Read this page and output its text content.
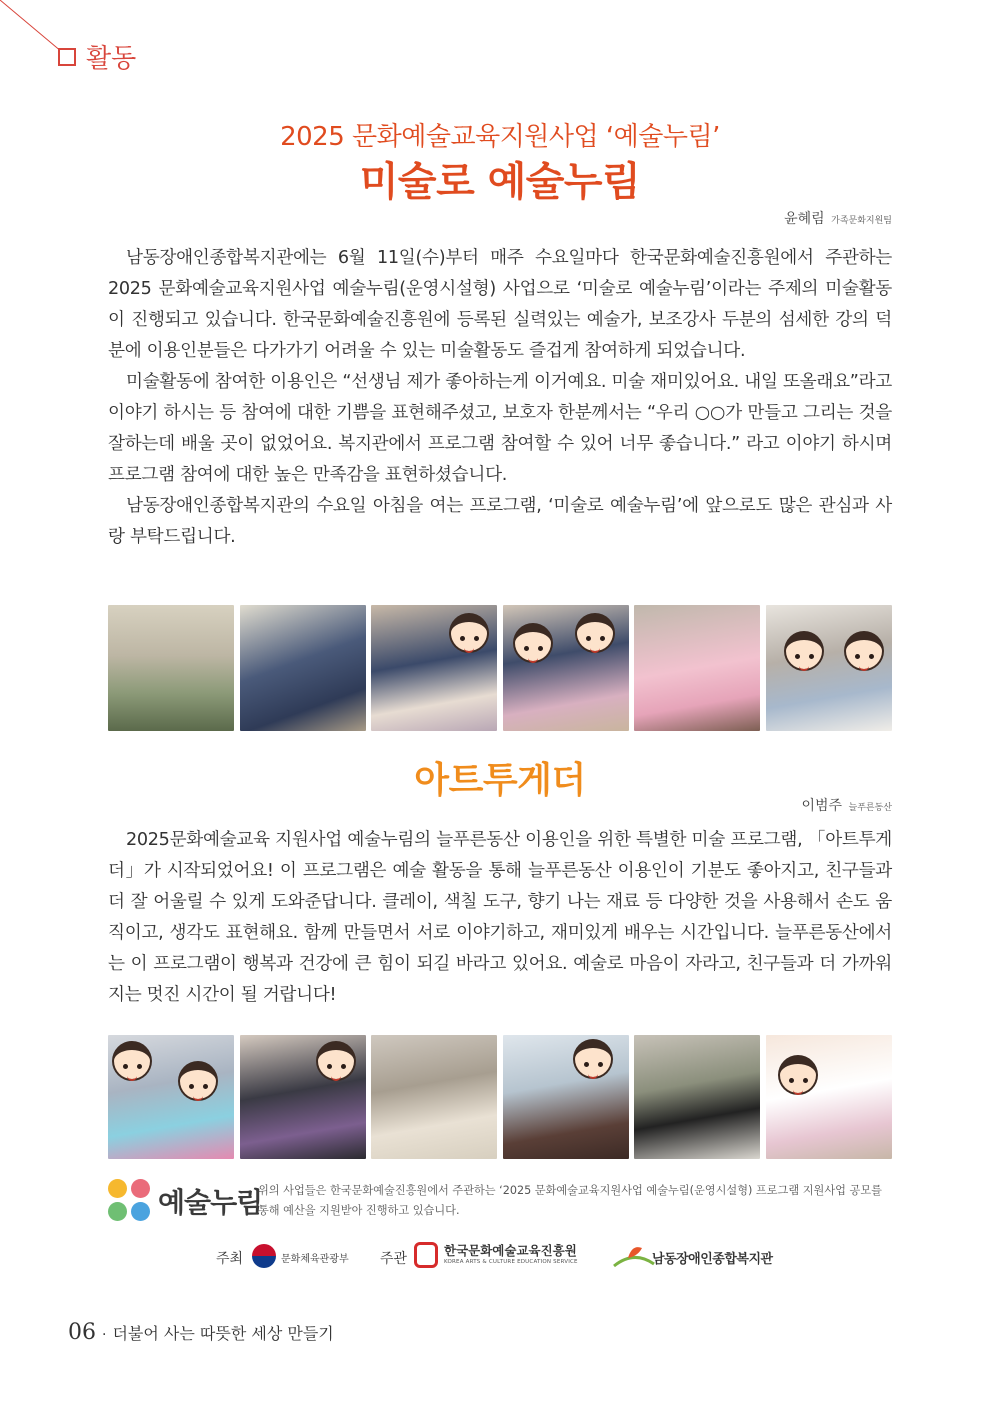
활동
2025 문화예술교육지원사업 ‘예술누림’
미술로 예술누림
윤혜림 가족문화지원팀

남동장애인종합복지관에는 6월 11일(수)부터 매주 수요일마다 한국문화예술진흥원에서 주관하는 2025 문화예술교육지원사업 예술누림(운영시설형) 사업으로 ‘미술로 예술누림’이라는 주제의 미술활동이 진행되고 있습니다. 한국문화예술진흥원에 등록된 실력있는 예술가, 보조강사 두분의 섬세한 강의 덕분에 이용인분들은 다가가기 어려울 수 있는 미술활동도 즐겁게 참여하게 되었습니다.

미술활동에 참여한 이용인은 “선생님 제가 좋아하는게 이거예요. 미술 재미있어요. 내일 또올래요”라고 이야기 하시는 등 참여에 대한 기쁨을 표현해주셨고, 보호자 한분께서는 “우리 ○○가 만들고 그리는 것을 잘하는데 배울 곳이 없었어요. 복지관에서 프로그램 참여할 수 있어 너무 좋습니다.” 라고 이야기 하시며 프로그램 참여에 대한 높은 만족감을 표현하셨습니다.

남동장애인종합복지관의 수요일 아침을 여는 프로그램, ‘미술로 예술누림’에 앞으로도 많은 관심과 사랑 부탁드립니다.

아트투게더
이범주 늘푸른동산

2025문화예술교육 지원사업 예술누림의 늘푸른동산 이용인을 위한 특별한 미술 프로그램, 「아트투게더」가 시작되었어요! 이 프로그램은 예술 활동을 통해 늘푸른동산 이용인이 기분도 좋아지고, 친구들과 더 잘 어울릴 수 있게 도와준답니다. 클레이, 색칠 도구, 향기 나는 재료 등 다양한 것을 사용해서 손도 움직이고, 생각도 표현해요. 함께 만들면서 서로 이야기하고, 재미있게 배우는 시간입니다. 늘푸른동산에서는 이 프로그램이 행복과 건강에 큰 힘이 되길 바라고 있어요. 예술로 마음이 자라고, 친구들과 더 가까워지는 멋진 시간이 될 거랍니다!

예술누림
위의 사업들은 한국문화예술진흥원에서 주관하는 ‘2025 문화예술교육지원사업 예술누림(운영시설형) 프로그램 지원사업 공모를 통해 예산을 지원받아 진행하고 있습니다.
주최	문화체육관광부 주관
한국문화예술교육진흥원
KOREA ARTS & CULTURE EDUCATION SERVICE	남동장애인종합복지관
06 · 더불어 사는 따뜻한 세상 만들기
